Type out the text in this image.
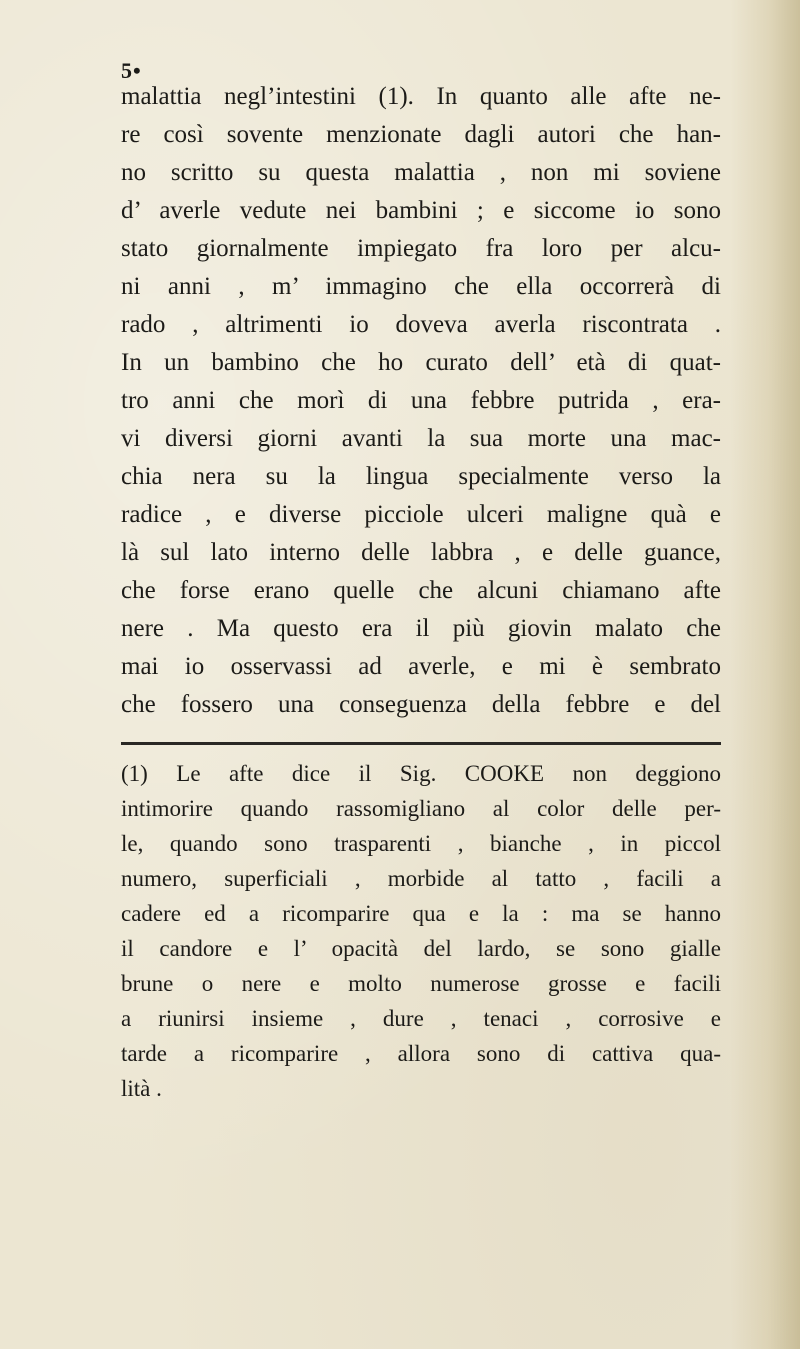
5•
malattia negl’intestini (1). In quanto alle afte ne-
re così sovente menzionate dagli autori che han-
no scritto su questa malattia , non mi soviene
d’ averle vedute nei bambini ; e siccome io sono
stato giornalmente impiegato fra loro per alcu-
ni anni , m’ immagino che ella occorrerà di
rado , altrimenti io doveva averla riscontrata .
In un bambino che ho curato dell’ età di quat-
tro anni che morì di una febbre putrida , era-
vi diversi giorni avanti la sua morte una mac-
chia nera su la lingua specialmente verso la
radice , e diverse picciole ulceri maligne quà e
là sul lato interno delle labbra , e delle guance,
che forse erano quelle che alcuni chiamano afte
nere . Ma questo era il più giovin malato che
mai io osservassi ad averle, e mi è sembrato
che fossero una conseguenza della febbre e del
(1) Le afte dice il Sig. COOKE non deggiono
intimorire quando rassomigliano al color delle per-
le, quando sono trasparenti , bianche , in piccol
numero, superficiali , morbide al tatto , facili a
cadere ed a ricomparire qua e la : ma se hanno
il candore e l’ opacità del lardo, se sono gialle
brune o nere e molto numerose grosse e facili
a riunirsi insieme , dure , tenaci , corrosive e
tarde a ricomparire , allora sono di cattiva qua-
lità .
